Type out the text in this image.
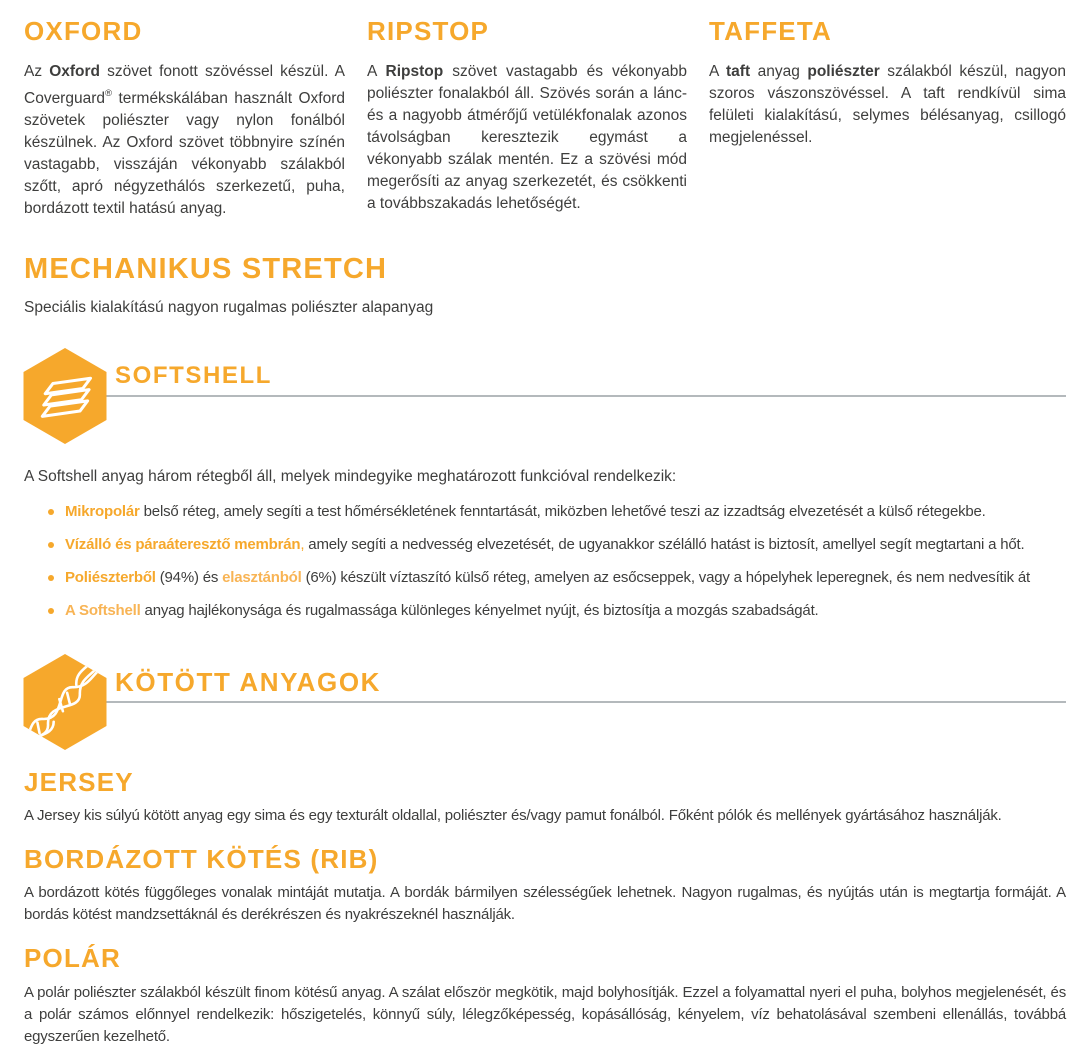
OXFORD

Az Oxford szövet fonott szövéssel készül. A Coverguard® termékskálában használt Oxford szövetek poliészter vagy nylon fonálból készülnek. Az Oxford szövet többnyire színén vastagabb, visszáján vékonyabb szálakból szőtt, apró négyzethálós szerkezetű, puha, bordázott textil hatású anyag.

RIPSTOP

A Ripstop szövet vastagabb és vékonyabb poliészter fonalakból áll. Szövés során a lánc- és a nagyobb átmérőjű vetülékfonalak azonos távolságban keresztezik egymást a vékonyabb szálak mentén. Ez a szövési mód megerősíti az anyag szerkezetét, és csökkenti a továbbszakadás lehetőségét.

TAFFETA

A taft anyag poliészter szálakból készül, nagyon szoros vászonszövéssel. A taft rendkívül sima felületi kialakítású, selymes bélésanyag, csillogó megjelenéssel.

MECHANIKUS STRETCH

Speciális kialakítású nagyon rugalmas poliészter alapanyag

SOFTSHELL

A Softshell anyag három rétegből áll, melyek mindegyike meghatározott funkcióval rendelkezik:

Mikropolár belső réteg, amely segíti a test hőmérsékletének fenntartását, miközben lehetővé teszi az izzadtság elvezetését a külső rétegekbe.
Vízálló és páraáteresztő membrán, amely segíti a nedvesség elvezetését, de ugyanakkor szélálló hatást is biztosít, amellyel segít megtartani a hőt.
Poliészterből (94%) és elasztánból (6%) készült víztaszító külső réteg, amelyen az esőcseppek, vagy a hópelyhek leperegnek, és nem nedvesítik át
A Softshell anyag hajlékonysága és rugalmassága különleges kényelmet nyújt, és biztosítja a mozgás szabadságát.
KÖTÖTT ANYAGOK
JERSEY

A Jersey kis súlyú kötött anyag egy sima és egy texturált oldallal, poliészter és/vagy pamut fonálból. Főként pólók és mellények gyártásához használják.

BORDÁZOTT KÖTÉS (RIB)

A bordázott kötés függőleges vonalak mintáját mutatja. A bordák bármilyen szélességűek lehetnek. Nagyon rugalmas, és nyújtás után is megtartja formáját. A bordás kötést mandzsettáknál és derékrészen és nyakrészeknél használják.

POLÁR

A polár poliészter szálakból készült finom kötésű anyag. A szálat először megkötik, majd bolyhosítják. Ezzel a folyamattal nyeri el puha, bolyhos megjelenését, és a polár számos előnnyel rendelkezik: hőszigetelés, könnyű súly, lélegzőképesség, kopásállóság, kényelem, víz behatolásával szembeni ellenállás, továbbá egyszerűen kezelhető.
